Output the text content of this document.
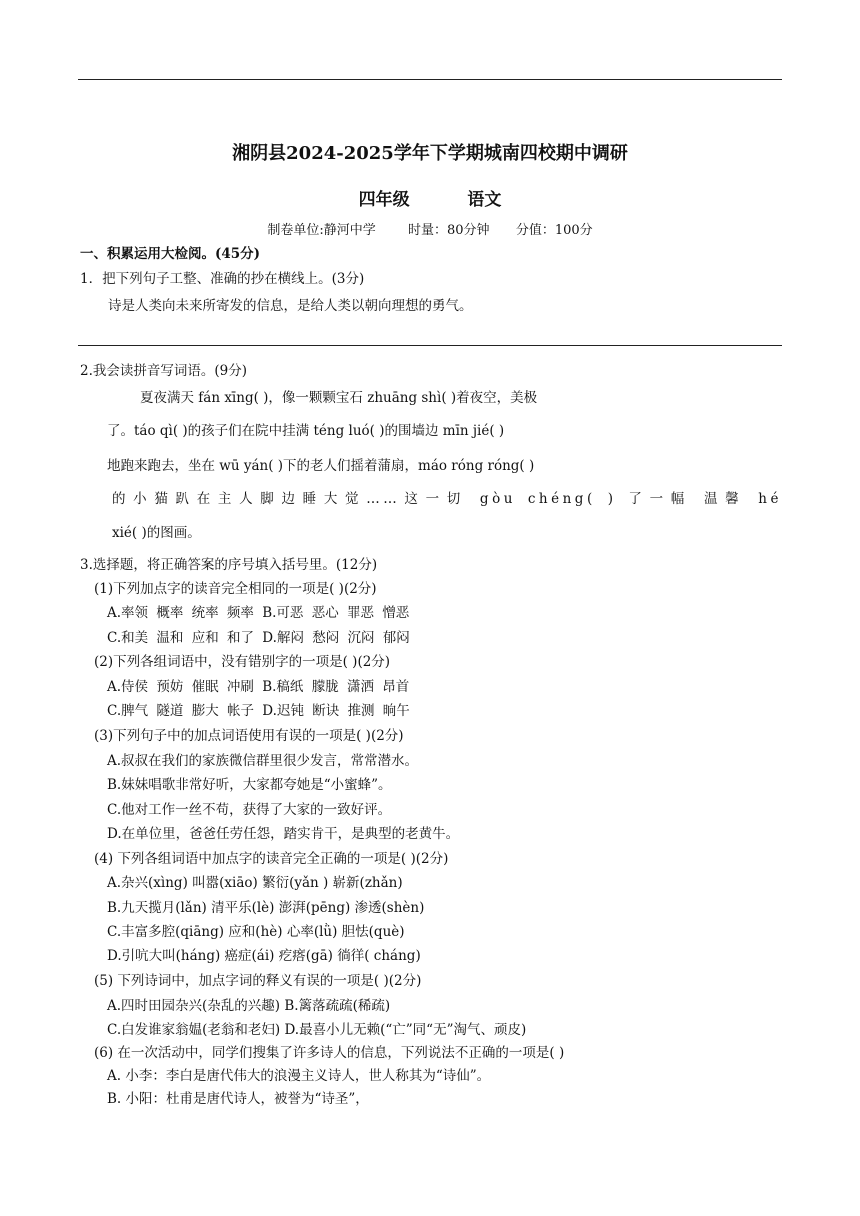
湘阴县2024-2025学年下学期城南四校期中调研
四年级	语文
制卷单位:静河中学 时量：80分钟 分值：100分
一、积累运用大检阅。(45分)
1．把下列句子工整、准确的抄在横线上。(3分)
诗是人类向未来所寄发的信息，是给人类以朝向理想的勇气。
2.我会读拼音写词语。(9分)
夏夜满天 fán xīng( )，像一颗颗宝石 zhuāng shì( )着夜空，美极
了。táo qì( )的孩子们在院中挂满 téng luó( )的围墙边 mīn jié( )
地跑来跑去，坐在 wū yán( )下的老人们摇着蒲扇，máo róng róng( )
的小猫趴在主人脚边睡大觉……这一切 gòu chéng( ) 了一幅 温馨 hé
xié( )的图画。
3.选择题，将正确答案的序号填入括号里。(12分)
(1)下列加点字的读音完全相同的一项是( )(2分)
A.率领 概率 统率 频率 B.可恶 恶心 罪恶 憎恶
C.和美 温和 应和 和了 D.解闷 愁闷 沉闷 郁闷
(2)下列各组词语中，没有错别字的一项是( )(2分)
A.侍侯 预妨 催眠 冲刷 B.稿纸 朦胧 潇洒 昂首
C.脾气 隧道 膨大 帐子 D.迟钝 断诀 推测 晌午
(3)下列句子中的加点词语使用有误的一项是( )(2分)
A.叔叔在我们的家族微信群里很少发言，常常潜水。
B.妹妹唱歌非常好听，大家都夸她是“小蜜蜂”。
C.他对工作一丝不苟，获得了大家的一致好评。
D.在单位里，爸爸任劳任怨，踏实肯干，是典型的老黄牛。
(4) 下列各组词语中加点字的读音完全正确的一项是( )(2分)
A.杂兴(xìng) 叫嚣(xiāo) 繁衍(yǎn ) 崭新(zhǎn)
B.九天揽月(lǎn) 清平乐(lè) 澎湃(pēng) 渗透(shèn)
C.丰富多腔(qiāng) 应和(hè) 心率(lǜ) 胆怯(què)
D.引吭大叫(háng) 癌症(ái) 疙瘩(gā) 徜徉( cháng)
(5) 下列诗词中，加点字词的释义有误的一项是( )(2分)
A.四时田园杂兴(杂乱的兴趣) B.篱落疏疏(稀疏)
C.白发谁家翁媪(老翁和老妇) D.最喜小儿无赖(“亡”同“无”淘气、顽皮)
(6) 在一次活动中，同学们搜集了许多诗人的信息，下列说法不正确的一项是( )
A. 小李：李白是唐代伟大的浪漫主义诗人，世人称其为“诗仙”。
B. 小阳：杜甫是唐代诗人，被誉为“诗圣”，
